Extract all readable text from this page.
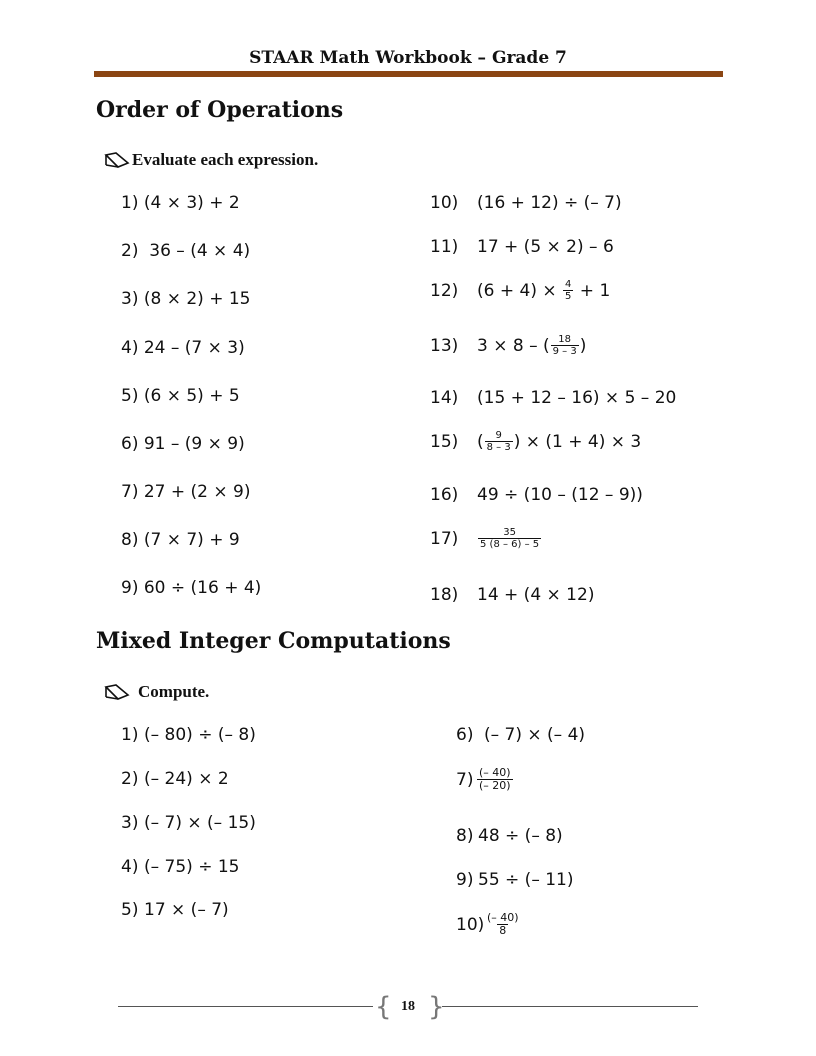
STAAR Math Workbook – Grade 7
Order of Operations
Evaluate each expression.
1)
(4 × 3) + 2
2)
36 – (4 × 4)
3)
(8 × 2) + 15
4)
24 – (7 × 3)
5)
(6 × 5) + 5
6)
91 – (9 × 9)
7)
27 + (2 × 9)
8)
(7 × 7) + 9
9)
60 ÷ (16 + 4)
10)	(16 + 12) ÷ (– 7)
11)	17 + (5 × 2) – 6
12)	(6 + 4) ×
$\frac{4}{5}$
+ 1
13)	3 × 8 – ( $\frac{18}{9 - 3}$ )
14)	(15 + 12 – 16) × 5 – 20
15)	( $\frac{9}{8 - 3}$ ) × (1 + 4) × 3
16)	49 ÷ (10 – (12 – 9))
17)	$\frac{35}{5 (8 - 6) - 5}$
18)	14 + (4 × 12)
Mixed Integer Computations
Compute.
1) (– 80) ÷ (– 8)
2) (– 24) × 2
3) (– 7) × (– 15)
4) (– 75) ÷ 15
5) 17 × (– 7)
6) (– 7) × (– 4)
$7) \frac{(- 40)}{(- 20)}$
8) 48 ÷ (– 8)
9) 55 ÷ (– 11)
$10) \frac{(- 40)}{8}$
{ }
18
